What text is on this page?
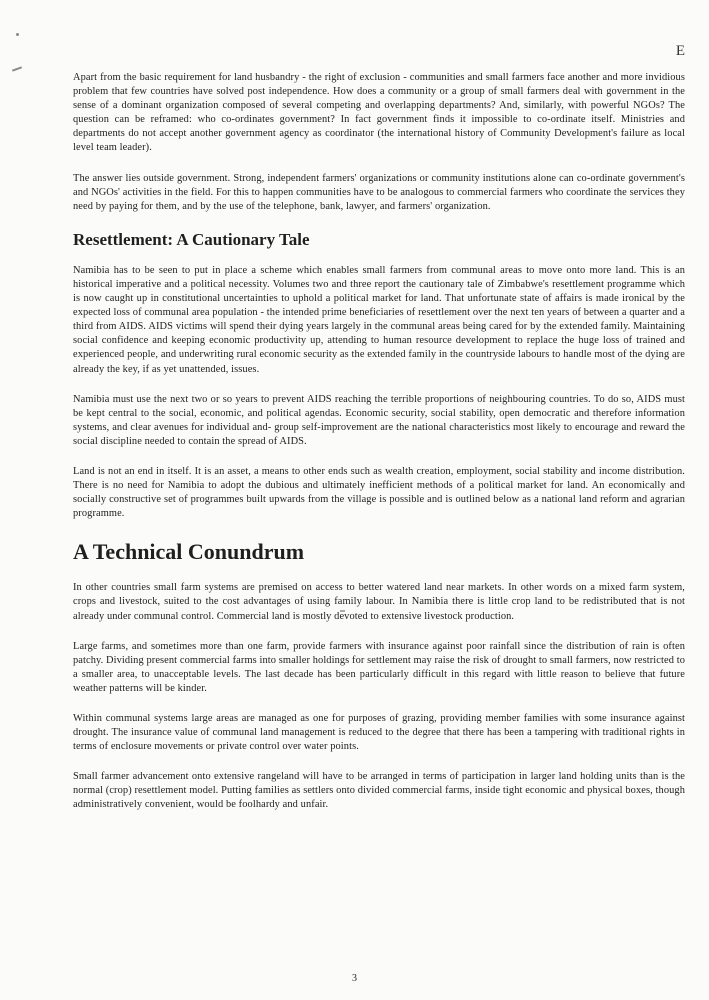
E

Apart from the basic requirement for land husbandry - the right of exclusion - communities and small farmers face another and more invidious problem that few countries have solved post independence. How does a community or a group of small farmers deal with government in the sense of a dominant organization composed of several competing and overlapping departments? And, similarly, with powerful NGOs? The question can be reframed: who co-ordinates government? In fact government finds it impossible to co-ordinate itself. Ministries and departments do not accept another government agency as coordinator (the international history of Community Development's failure as local level team leader).

The answer lies outside government. Strong, independent farmers' organizations or community institutions alone can co-ordinate government's and NGOs' activities in the field. For this to happen communities have to be analogous to commercial farmers who coordinate the services they need by paying for them, and by the use of the telephone, bank, lawyer, and farmers' organization.

Resettlement: A Cautionary Tale

Namibia has to be seen to put in place a scheme which enables small farmers from communal areas to move onto more land. This is an historical imperative and a political necessity. Volumes two and three report the cautionary tale of Zimbabwe's resettlement programme which is now caught up in constitutional uncertainties to uphold a political market for land. That unfortunate state of affairs is made ironical by the expected loss of communal area population - the intended prime beneficiaries of resettlement over the next ten years of between a quarter and a third from AIDS. AIDS victims will spend their dying years largely in the communal areas being cared for by the extended family. Maintaining social confidence and keeping economic productivity up, attending to human resource development to replace the huge loss of trained and experienced people, and underwriting rural economic security as the extended family in the countryside labours to handle most of the dying are already the key, if as yet unattended, issues.

Namibia must use the next two or so years to prevent AIDS reaching the terrible proportions of neighbouring countries. To do so, AIDS must be kept central to the social, economic, and political agendas. Economic security, social stability, open democratic and therefore information systems, and clear avenues for individual and- group self-improvement are the national characteristics most likely to encourage and reward the social discipline needed to contain the spread of AIDS.

Land is not an end in itself. It is an asset, a means to other ends such as wealth creation, employment, social stability and income distribution. There is no need for Namibia to adopt the dubious and ultimately inefficient methods of a political market for land. An economically and socially constructive set of programmes built upwards from the village is possible and is outlined below as a national land reform and agrarian programme.

A Technical Conundrum

In other countries small farm systems are premised on access to better watered land near markets. In other words on a mixed farm system, crops and livestock, suited to the cost advantages of using family labour. In Namibia there is little crop land to be redistributed that is not already under communal control. Commercial land is mostly devoted to extensive livestock production.

Large farms, and sometimes more than one farm, provide farmers with insurance against poor rainfall since the distribution of rain is often patchy. Dividing present commercial farms into smaller holdings for settlement may raise the risk of drought to small farmers, now restricted to a smaller area, to unacceptable levels. The last decade has been particularly difficult in this regard with little reason to believe that future weather patterns will be kinder.

Within communal systems large areas are managed as one for purposes of grazing, providing member families with some insurance against drought. The insurance value of communal land management is reduced to the degree that there has been a tampering with traditional rights in terms of enclosure movements or private control over water points.

Small farmer advancement onto extensive rangeland will have to be arranged in terms of participation in larger land holding units than is the normal (crop) resettlement model. Putting families as settlers onto divided commercial farms, inside tight economic and physical boxes, though administratively convenient, would be foolhardy and unfair.

3
